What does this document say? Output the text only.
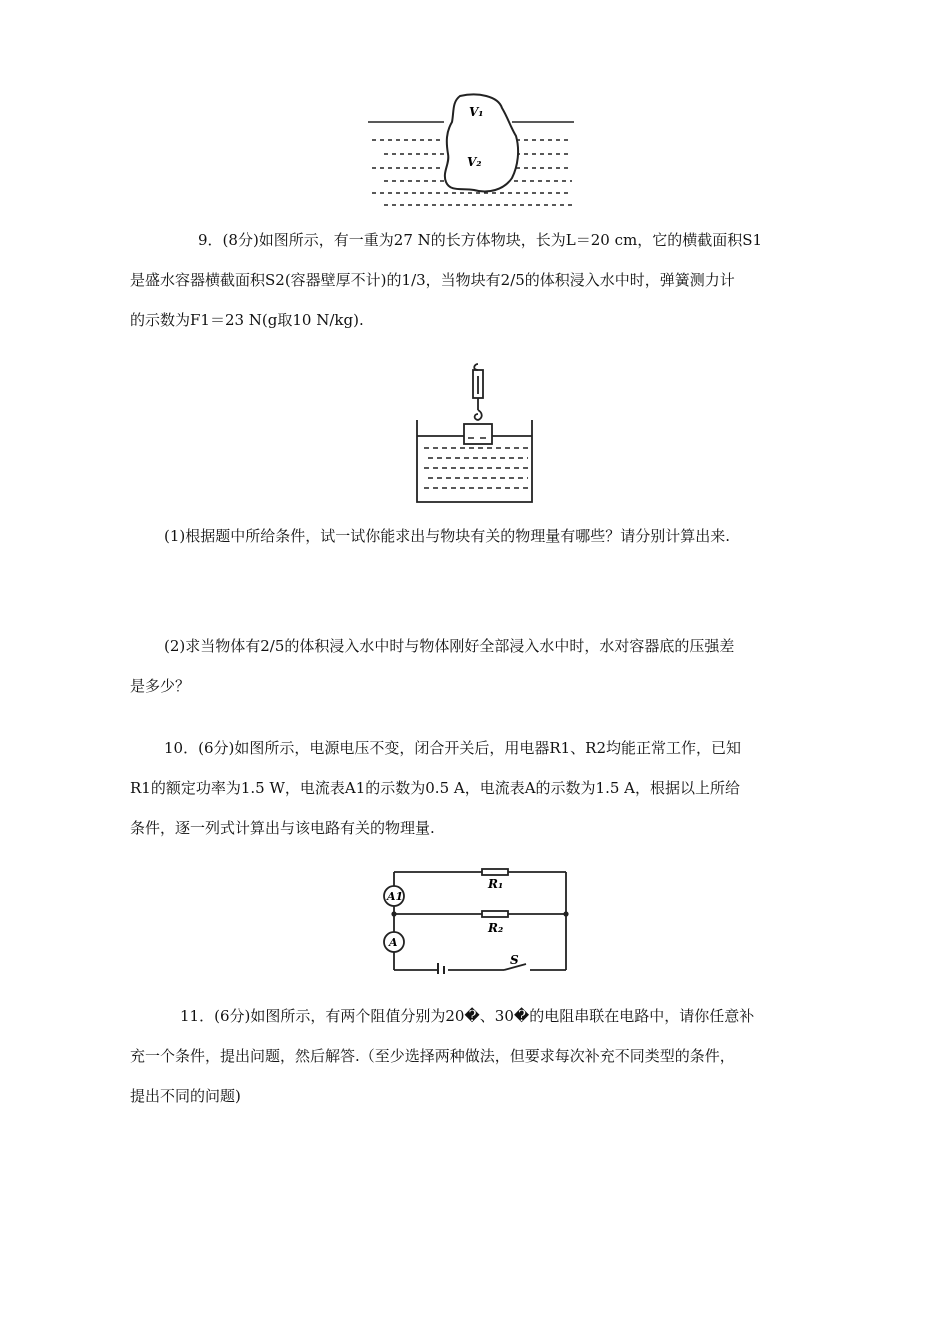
V₁
V₂

9．(8分)如图所示，有一重为27 N的长方体物块，长为L＝20 cm，它的横截面积S1
是盛水容器横截面积S2(容器壁厚不计)的1/3，当物块有2/5的体积浸入水中时，弹簧测力计
的示数为F1＝23 N(g取10 N/kg).

(1)根据题中所给条件，试一试你能求出与物块有关的物理量有哪些？请分别计算出来.

(2)求当物体有2/5的体积浸入水中时与物体刚好全部浸入水中时，水对容器底的压强差
是多少？

10．(6分)如图所示，电源电压不变，闭合开关后，用电器R1、R2均能正常工作，已知
R1的额定功率为1.5 W，电流表A1的示数为0.5 A，电流表A的示数为1.5 A，根据以上所给
条件，逐一列式计算出与该电路有关的物理量.

A1
A
R₁
R₂
S

11．(6分)如图所示，有两个阻值分别为20�、30�的电阻串联在电路中，请你任意补
充一个条件，提出问题，然后解答.（至少选择两种做法，但要求每次补充不同类型的条件，
提出不同的问题)
